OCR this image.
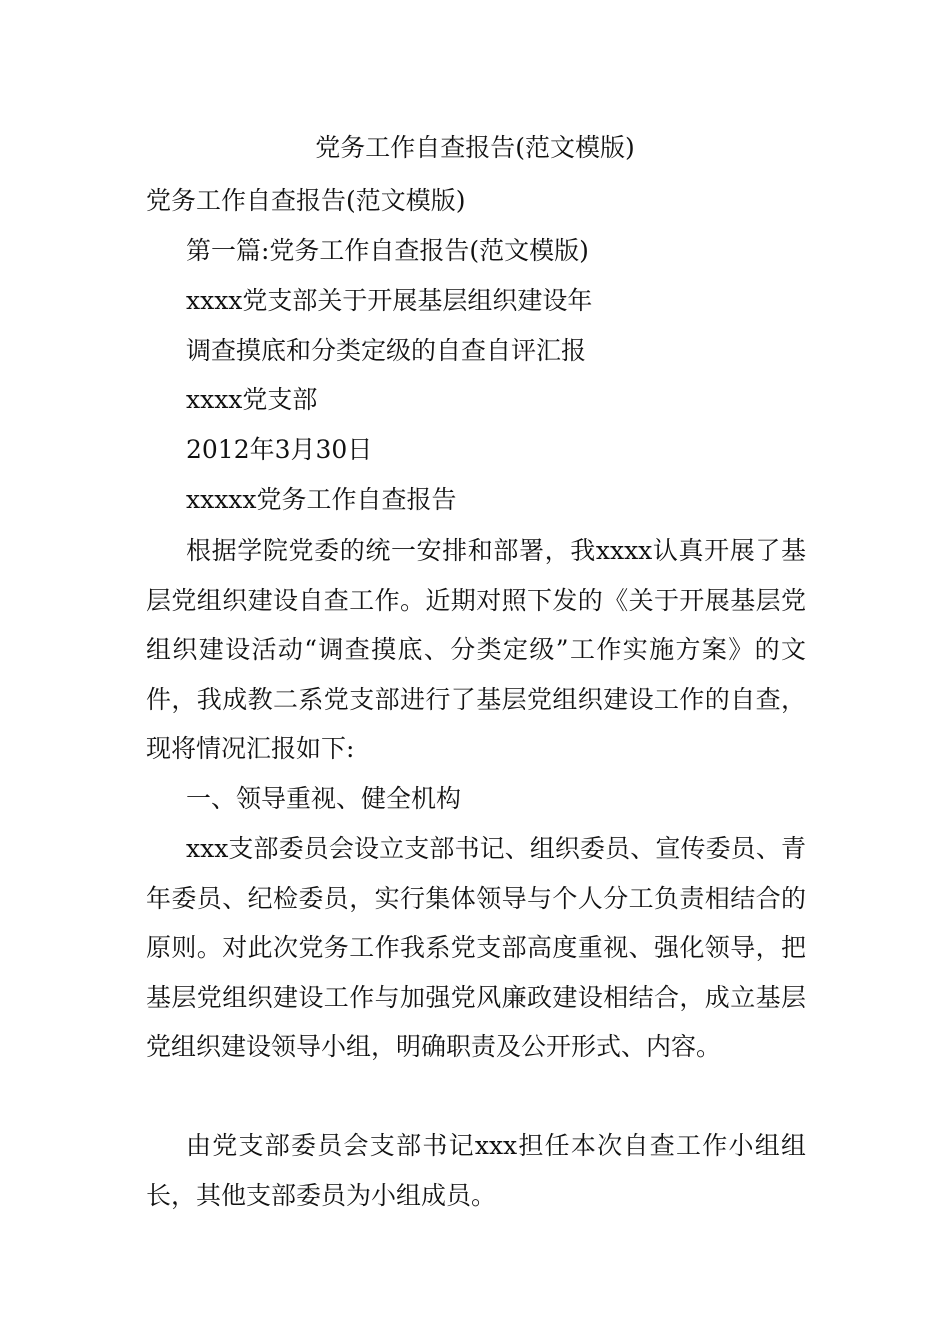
党务工作自查报告(范文模版)
党务工作自查报告(范文模版)
第一篇:党务工作自查报告(范文模版)
xxxx党支部关于开展基层组织建设年
调查摸底和分类定级的自查自评汇报
xxxx党支部
2012年3月30日
xxxxx党务工作自查报告
根据学院党委的统一安排和部署，我xxxx认真开展了基层党组织建设自查工作。近期对照下发的《关于开展基层党组织建设活动“调查摸底、分类定级”工作实施方案》的文件，我成教二系党支部进行了基层党组织建设工作的自查，现将情况汇报如下:
一、领导重视、健全机构
xxx支部委员会设立支部书记、组织委员、宣传委员、青年委员、纪检委员，实行集体领导与个人分工负责相结合的原则。对此次党务工作我系党支部高度重视、强化领导，把基层党组织建设工作与加强党风廉政建设相结合，成立基层党组织建设领导小组，明确职责及公开形式、内容。
由党支部委员会支部书记xxx担任本次自查工作小组组长，其他支部委员为小组成员。
